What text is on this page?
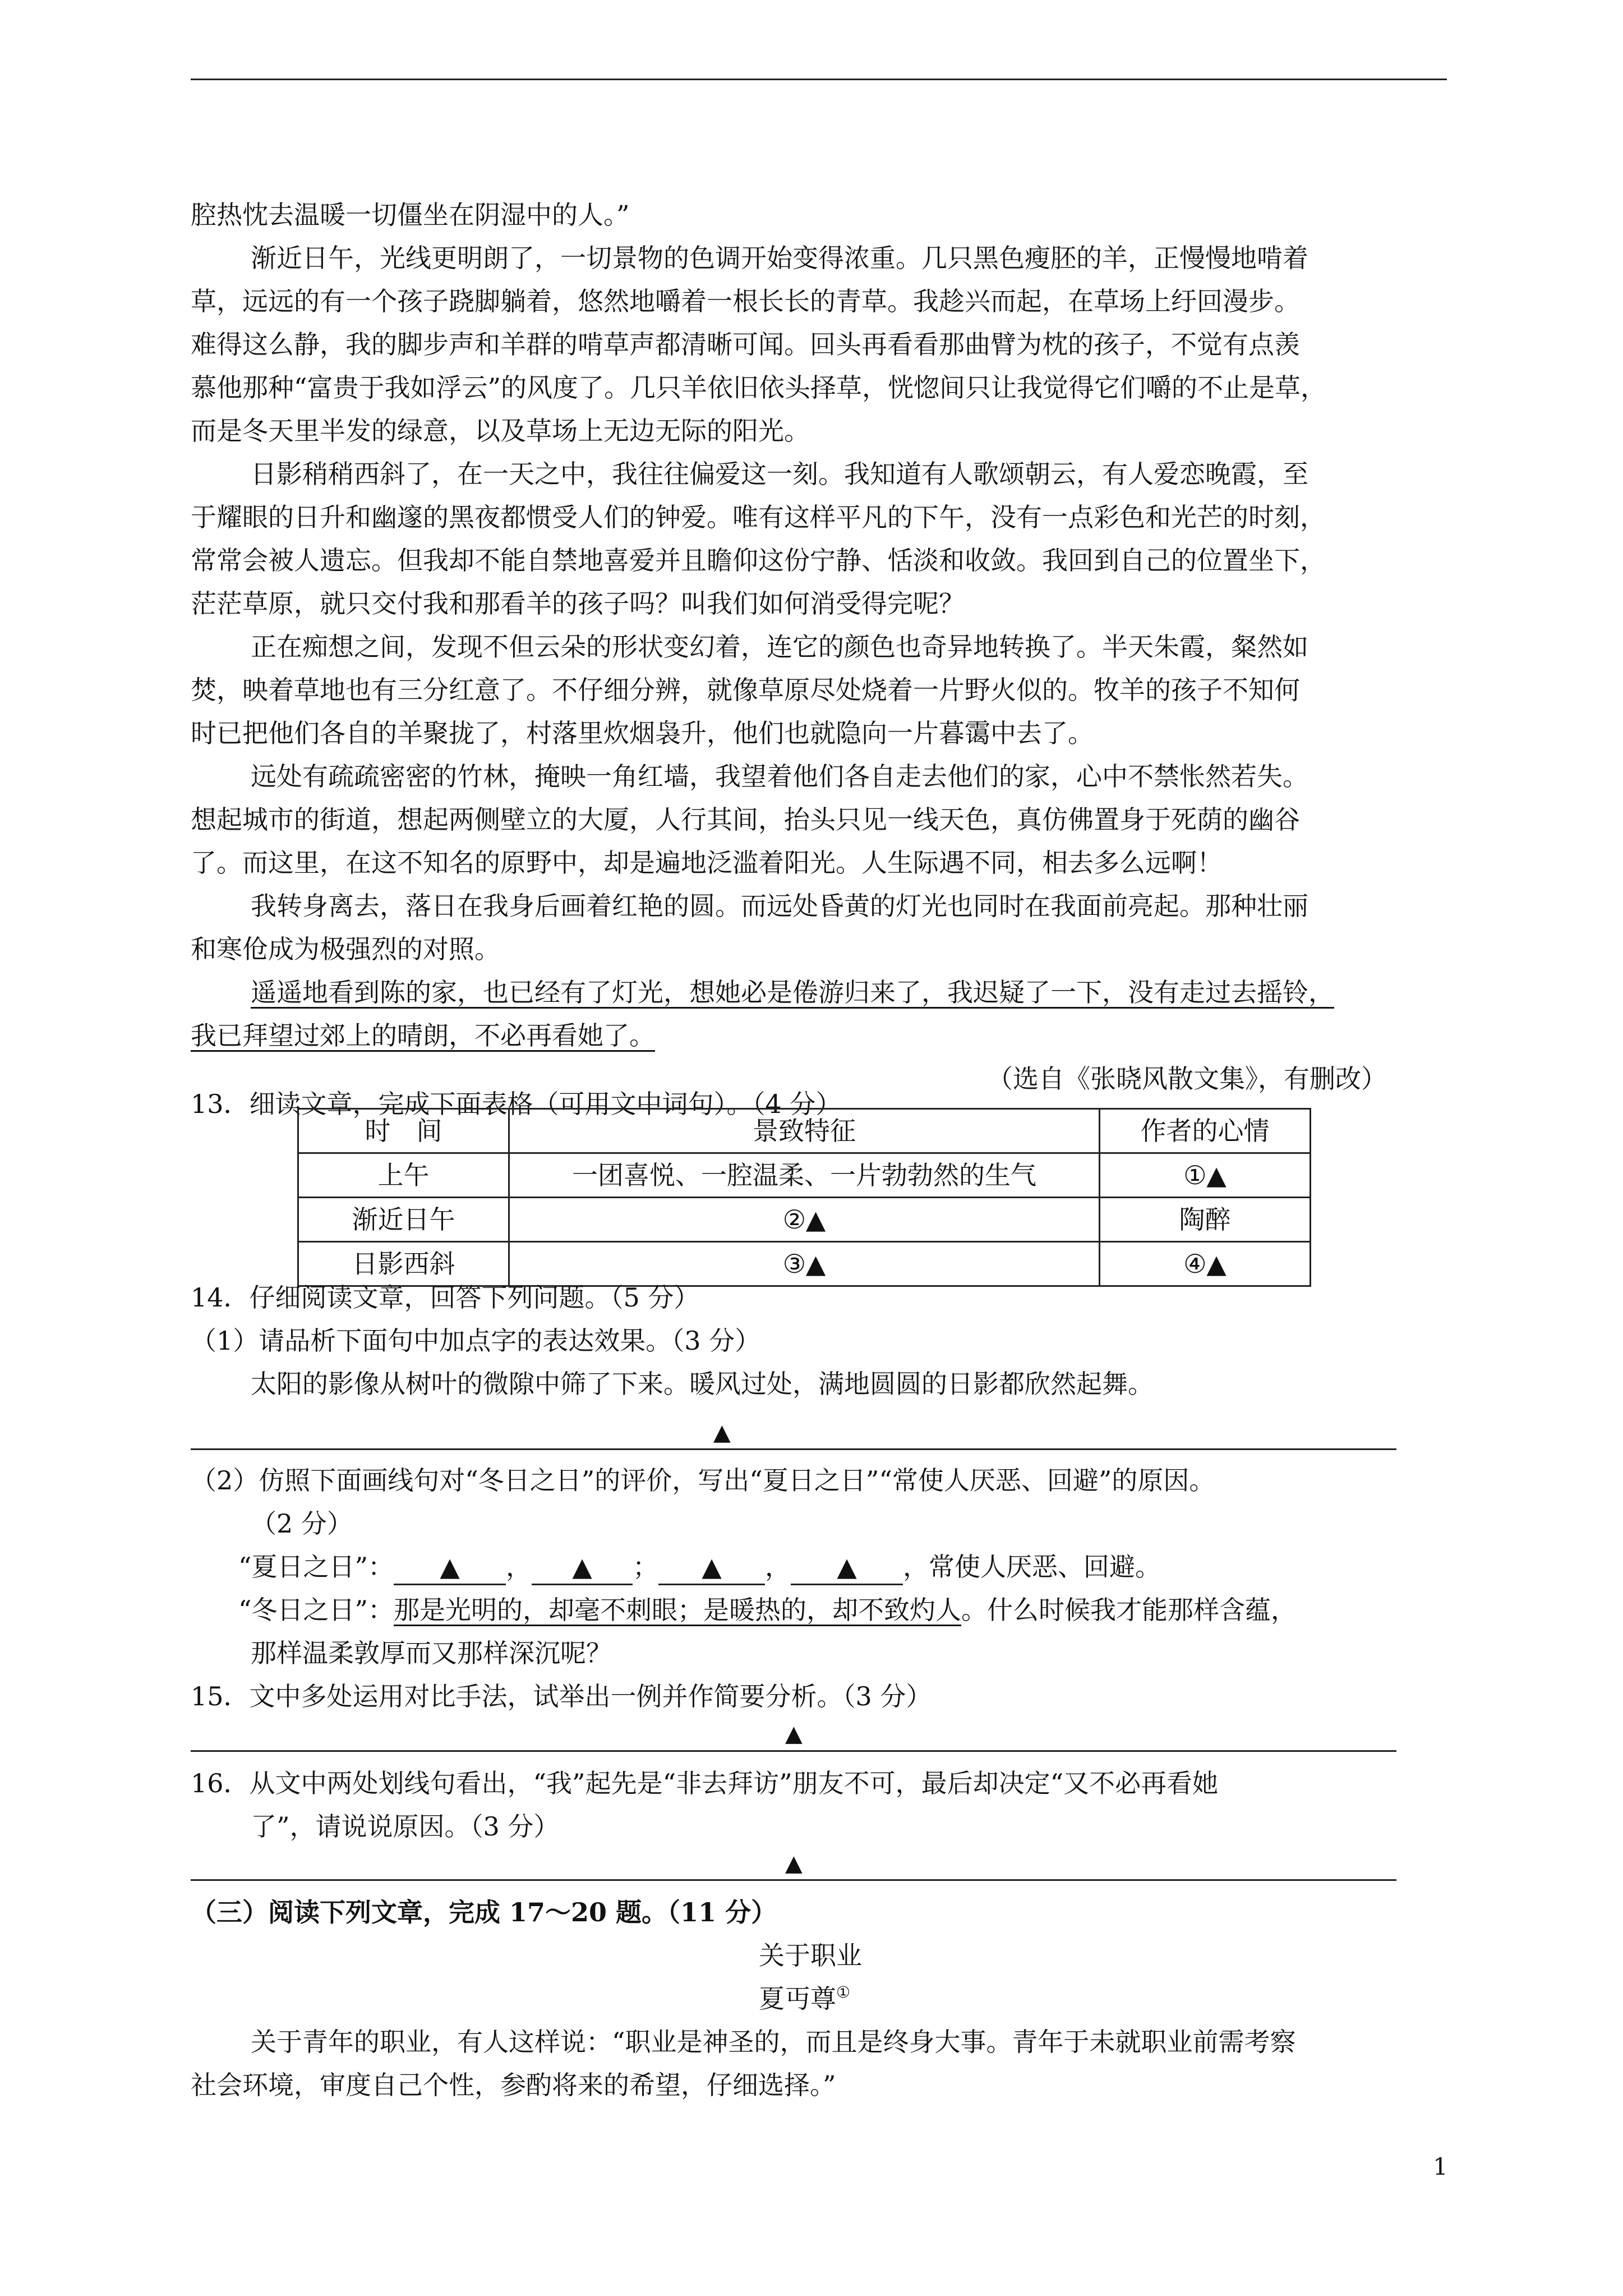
腔热忱去温暖一切僵坐在阴湿中的人。”
渐近日午，光线更明朗了，一切景物的色调开始变得浓重。几只黑色瘦胚的羊，正慢慢地啃着
草，远远的有一个孩子跷脚躺着，悠然地嚼着一根长长的青草。我趁兴而起，在草场上纡回漫步。
难得这么静，我的脚步声和羊群的啃草声都清晰可闻。回头再看看那曲臂为枕的孩子，不觉有点羡
慕他那种“富贵于我如浮云”的风度了。几只羊依旧依头择草，恍惚间只让我觉得它们嚼的不止是草，
而是冬天里半发的绿意，以及草场上无边无际的阳光。
日影稍稍西斜了，在一天之中，我往往偏爱这一刻。我知道有人歌颂朝云，有人爱恋晚霞，至
于耀眼的日升和幽邃的黑夜都惯受人们的钟爱。唯有这样平凡的下午，没有一点彩色和光芒的时刻，
常常会被人遗忘。但我却不能自禁地喜爱并且瞻仰这份宁静、恬淡和收敛。我回到自己的位置坐下，
茫茫草原，就只交付我和那看羊的孩子吗？叫我们如何消受得完呢？
正在痴想之间，发现不但云朵的形状变幻着，连它的颜色也奇异地转换了。半天朱霞，粲然如
焚，映着草地也有三分红意了。不仔细分辨，就像草原尽处烧着一片野火似的。牧羊的孩子不知何
时已把他们各自的羊聚拢了，村落里炊烟袅升，他们也就隐向一片暮霭中去了。
远处有疏疏密密的竹林，掩映一角红墙，我望着他们各自走去他们的家，心中不禁怅然若失。
想起城市的街道，想起两侧壁立的大厦，人行其间，抬头只见一线天色，真仿佛置身于死荫的幽谷
了。而这里，在这不知名的原野中，却是遍地泛滥着阳光。人生际遇不同，相去多么远啊！
我转身离去，落日在我身后画着红艳的圆。而远处昏黄的灯光也同时在我面前亮起。那种壮丽
和寒伧成为极强烈的对照。
遥遥地看到陈的家，也已经有了灯光，想她必是倦游归来了，我迟疑了一下，没有走过去摇铃，
我已拜望过郊上的晴朗，不必再看她了。
（选自《张晓风散文集》，有删改）
13．细读文章，完成下面表格（可用文中词句）。（4 分）
时　间	景致特征	作者的心情
上午	一团喜悦、一腔温柔、一片勃勃然的生气	①▲
渐近日午	②▲	陶醉
日影西斜	③▲	④▲
14．仔细阅读文章，回答下列问题。（5 分）
（1）请品析下面句中加点字的表达效果。（3 分）
太阳的影像从树叶的微隙中筛了下来。暖风过处，满地圆圆的日影都欣然起舞。
▲
（2）仿照下面画线句对“冬日之日”的评价，写出“夏日之日”“常使人厌恶、回避”的原因。
（2 分）
“夏日之日”： ▲ ， ▲ ； ▲ ， ▲ ，常使人厌恶、回避。
“冬日之日”：那是光明的，却毫不刺眼；是暖热的，却不致灼人。什么时候我才能那样含蕴，
那样温柔敦厚而又那样深沉呢？
15．文中多处运用对比手法，试举出一例并作简要分析。（3 分）
▲
16．从文中两处划线句看出，“我”起先是“非去拜访”朋友不可，最后却决定“又不必再看她
了”，请说说原因。（3 分）
▲
（三）阅读下列文章，完成 17～20 题。（11 分）
关于职业
夏丏尊①
关于青年的职业，有人这样说：“职业是神圣的，而且是终身大事。青年于未就职业前需考察
社会环境，审度自己个性，参酌将来的希望，仔细选择。”
1
